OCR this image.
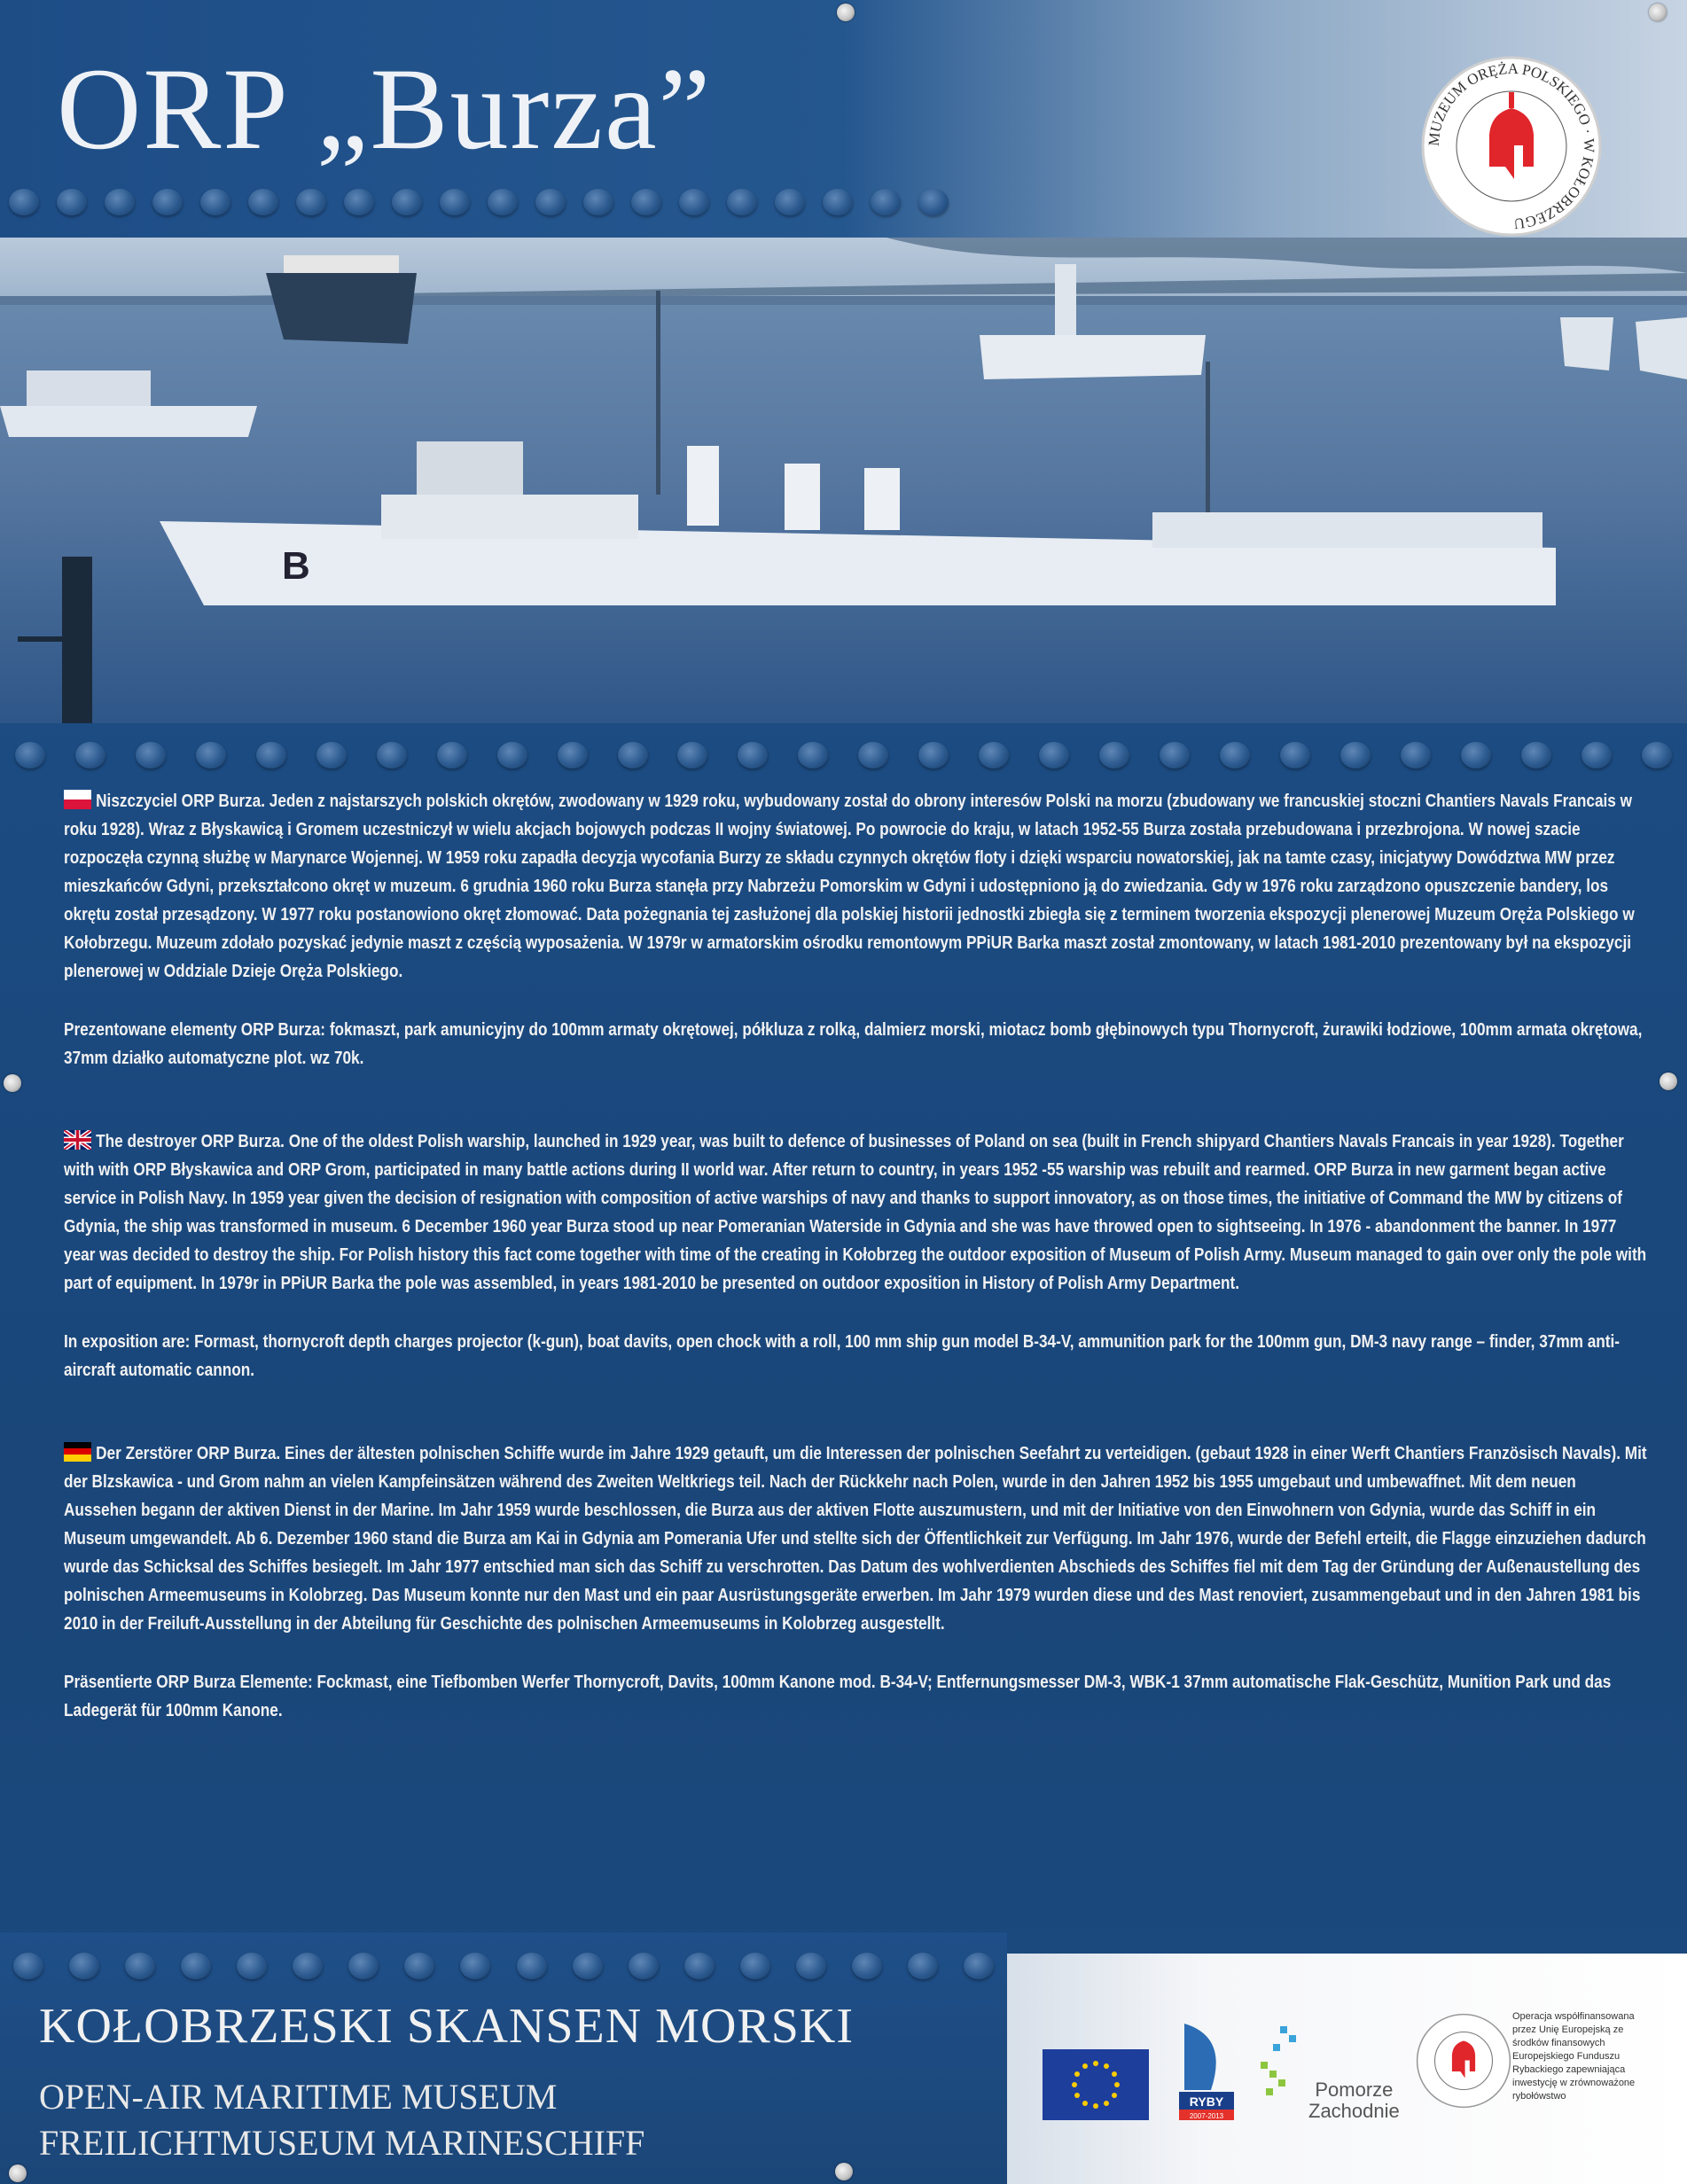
ORP „Burza”	MUZEUM ORĘŻA POLSKIEGO · W KOŁOBRZEGU
B

Niszczyciel ORP Burza. Jeden z najstarszych polskich okrętów, zwodowany w 1929 roku, wybudowany został do obrony interesów Polski na morzu (zbudowany we francuskiej stoczni Chantiers Navals Francais w roku 1928). Wraz z Błyskawicą i Gromem uczestniczył w wielu akcjach bojowych podczas II wojny światowej. Po powrocie do kraju, w latach 1952-55 Burza została przebudowana i przezbrojona. W nowej szacie rozpoczęła czynną służbę w Marynarce Wojennej. W 1959 roku zapadła decyzja wycofania Burzy ze składu czynnych okrętów floty i dzięki wsparciu nowatorskiej, jak na tamte czasy, inicjatywy Dowództwa MW przez mieszkańców Gdyni, przekształcono okręt w muzeum. 6 grudnia 1960 roku Burza stanęła przy Nabrzeżu Pomorskim w Gdyni i udostępniono ją do zwiedzania. Gdy w 1976 roku zarządzono opuszczenie bandery, los okrętu został przesądzony. W 1977 roku postanowiono okręt złomować. Data pożegnania tej zasłużonej dla polskiej historii jednostki zbiegła się z terminem tworzenia ekspozycji plenerowej Muzeum Oręża Polskiego w Kołobrzegu. Muzeum zdołało pozyskać jedynie maszt z częścią wyposażenia. W 1979r w armatorskim ośrodku remontowym PPiUR Barka maszt został zmontowany, w latach 1981-2010 prezentowany był na ekspozycji plenerowej w Oddziale Dzieje Oręża Polskiego.

Prezentowane elementy ORP Burza: fokmaszt, park amunicyjny do 100mm armaty okrętowej, półkluza z rolką, dalmierz morski, miotacz bomb głębinowych typu Thornycroft, żurawiki łodziowe, 100mm armata okrętowa, 37mm działko automatyczne plot. wz 70k.

The destroyer ORP Burza. One of the oldest Polish warship, launched in 1929 year, was built to defence of businesses of Poland on sea (built in French shipyard Chantiers Navals Francais in year 1928). Together with with ORP Błyskawica and ORP Grom, participated in many battle actions during II world war. After return to country, in years 1952 -55 warship was rebuilt and rearmed. ORP Burza in new garment began active service in Polish Navy. In 1959 year given the decision of resignation with composition of active warships of navy and thanks to support innovatory, as on those times, the initiative of Command the MW by citizens of Gdynia, the ship was transformed in museum. 6 December 1960 year Burza stood up near Pomeranian Waterside in Gdynia and she was have throwed open to sightseeing. In 1976 - abandonment the banner. In 1977 year was decided to destroy the ship. For Polish history this fact come together with time of the creating in Kołobrzeg the outdoor exposition of Museum of Polish Army. Museum managed to gain over only the pole with part of equipment. In 1979r in PPiUR Barka the pole was assembled, in years 1981-2010 be presented on outdoor exposition in History of Polish Army Department.

In exposition are: Formast, thornycroft depth charges projector (k-gun), boat davits, open chock with a roll, 100 mm ship gun model B-34-V, ammunition park for the 100mm gun, DM-3 navy range – finder, 37mm anti-aircraft automatic cannon.

Der Zerstörer ORP Burza. Eines der ältesten polnischen Schiffe wurde im Jahre 1929 getauft, um die Interessen der polnischen Seefahrt zu verteidigen. (gebaut 1928 in einer Werft Chantiers Französisch Navals). Mit der Blzskawica - und Grom nahm an vielen Kampfeinsätzen während des Zweiten Weltkriegs teil. Nach der Rückkehr nach Polen, wurde in den Jahren 1952 bis 1955 umgebaut und umbewaffnet. Mit dem neuen Aussehen begann der aktiven Dienst in der Marine. Im Jahr 1959 wurde beschlossen, die Burza aus der aktiven Flotte auszumustern, und mit der Initiative von den Einwohnern von Gdynia, wurde das Schiff in ein Museum umgewandelt. Ab 6. Dezember 1960 stand die Burza am Kai in Gdynia am Pomerania Ufer und stellte sich der Öffentlichkeit zur Verfügung. Im Jahr 1976, wurde der Befehl erteilt, die Flagge einzuziehen dadurch wurde das Schicksal des Schiffes besiegelt. Im Jahr 1977 entschied man sich das Schiff zu verschrotten. Das Datum des wohlverdienten Abschieds des Schiffes fiel mit dem Tag der Gründung der Außenaustellung des polnischen Armeemuseums in Kolobrzeg. Das Museum konnte nur den Mast und ein paar Ausrüstungsgeräte erwerben. Im Jahr 1979 wurden diese und des Mast renoviert, zusammengebaut und in den Jahren 1981 bis 2010 in der Freiluft-Ausstellung in der Abteilung für Geschichte des polnischen Armeemuseums in Kolobrzeg ausgestellt.

Präsentierte ORP Burza Elemente: Fockmast, eine Tiefbomben Werfer Thornycroft, Davits, 100mm Kanone mod. B-34-V; Entfernungsmesser DM-3, WBK-1 37mm automatische Flak-Geschütz, Munition Park und das Ladegerät für 100mm Kanone.

KOŁOBRZESKI SKANSEN MORSKI
OPEN-AIR MARITIME MUSEUM
FREILICHTMUSEUM MARINESCHIFF
RYBY
2007-2013
Pomorze
Zachodnie
Operacja współfinansowana przez Unię Europejską ze środków finansowych Europejskiego Funduszu Rybackiego zapewniająca inwestycję w zrównoważone rybołówstwo
